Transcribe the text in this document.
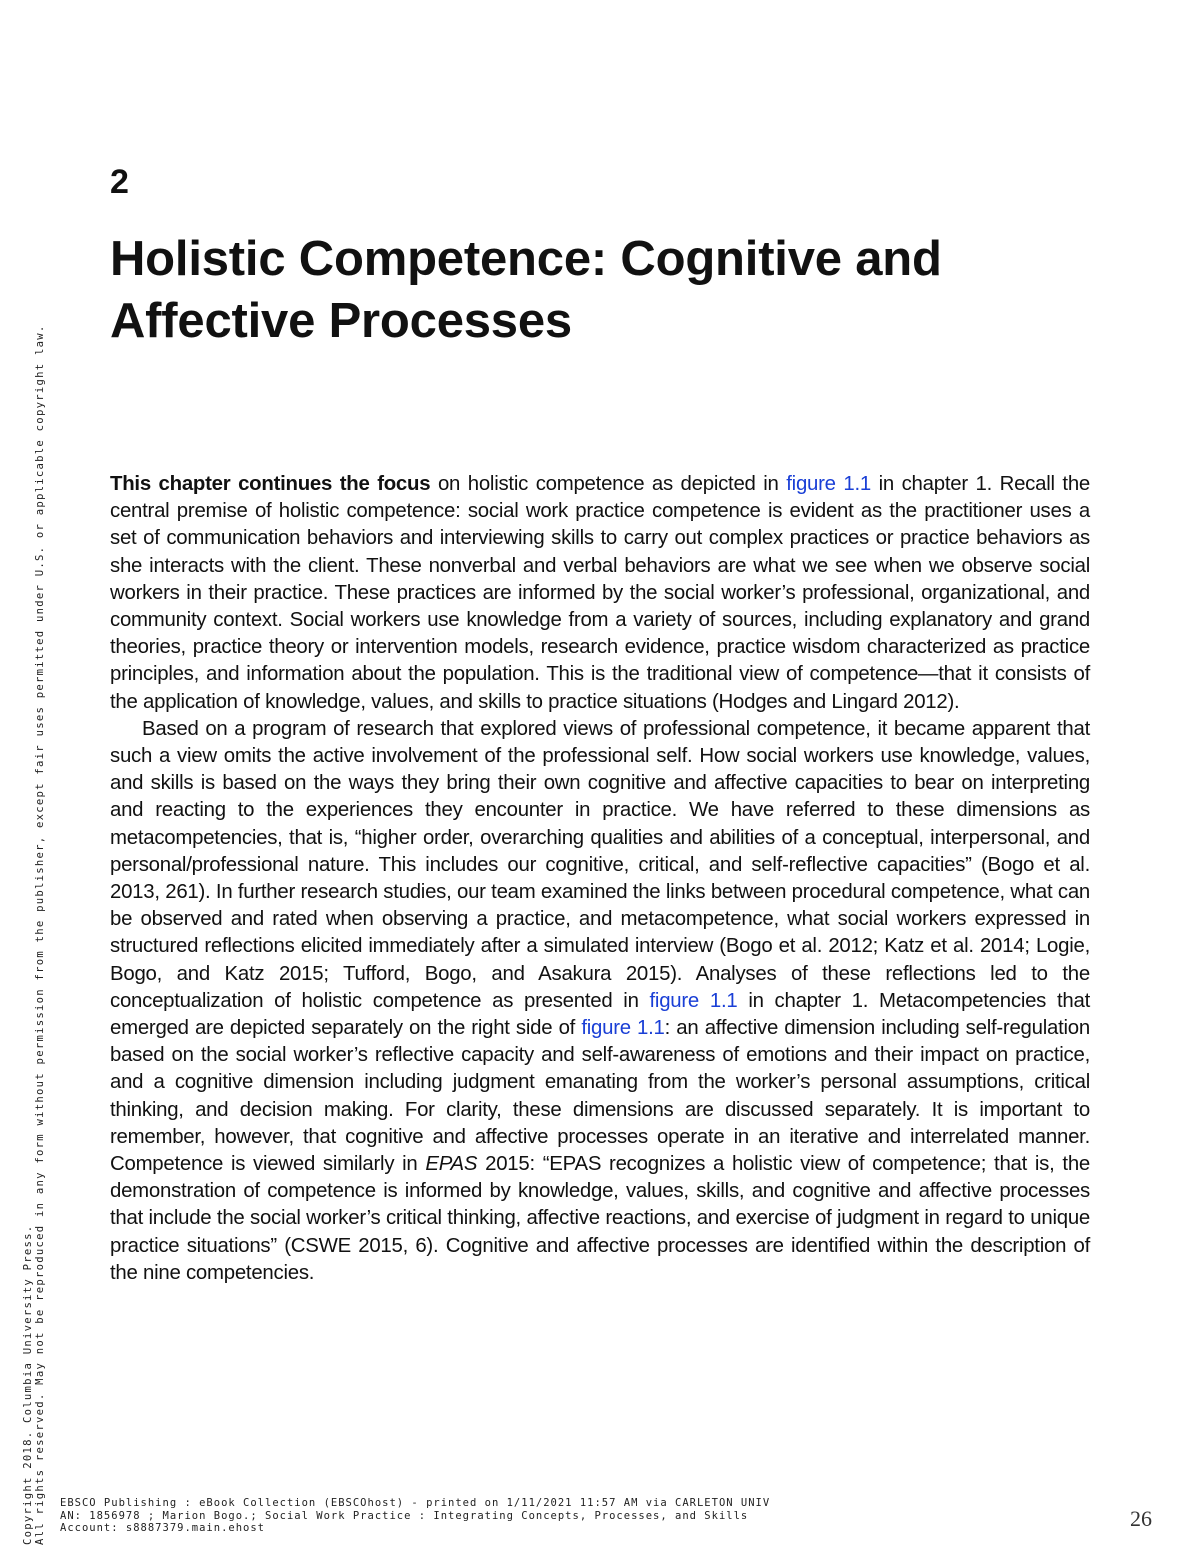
2
Holistic Competence: Cognitive and Affective Processes

This chapter continues the focus on holistic competence as depicted in figure 1.1 in chapter 1. Recall the central premise of holistic competence: social work practice competence is evident as the practitioner uses a set of communication behaviors and interviewing skills to carry out complex practices or practice behaviors as she interacts with the client. These nonverbal and verbal behaviors are what we see when we observe social workers in their practice. These practices are informed by the social worker’s professional, organizational, and community context. Social workers use knowledge from a variety of sources, including explanatory and grand theories, practice theory or intervention models, research evidence, practice wisdom characterized as practice principles, and information about the population. This is the traditional view of competence—that it consists of the application of knowledge, values, and skills to practice situations (Hodges and Lingard 2012).

Based on a program of research that explored views of professional competence, it became apparent that such a view omits the active involvement of the professional self. How social workers use knowledge, values, and skills is based on the ways they bring their own cognitive and affective capacities to bear on interpreting and reacting to the experiences they encounter in practice. We have referred to these dimensions as metacompetencies, that is, “higher order, overarching qualities and abilities of a conceptual, interpersonal, and personal/professional nature. This includes our cognitive, critical, and self-reflective capacities” (Bogo et al. 2013, 261). In further research studies, our team examined the links between procedural competence, what can be observed and rated when observing a practice, and metacompetence, what social workers expressed in structured reflections elicited immediately after a simulated interview (Bogo et al. 2012; Katz et al. 2014; Logie, Bogo, and Katz 2015; Tufford, Bogo, and Asakura 2015). Analyses of these reflections led to the conceptualization of holistic competence as presented in figure 1.1 in chapter 1. Metacompetencies that emerged are depicted separately on the right side of figure 1.1: an affective dimension including self-regulation based on the social worker’s reflective capacity and self-awareness of emotions and their impact on practice, and a cognitive dimension including judgment emanating from the worker’s personal assumptions, critical thinking, and decision making. For clarity, these dimensions are discussed separately. It is important to remember, however, that cognitive and affective processes operate in an iterative and interrelated manner. Competence is viewed similarly in EPAS 2015: “EPAS recognizes a holistic view of competence; that is, the demonstration of competence is informed by knowledge, values, skills, and cognitive and affective processes that include the social worker’s critical thinking, affective reactions, and exercise of judgment in regard to unique practice situations” (CSWE 2015, 6). Cognitive and affective processes are identified within the description of the nine competencies.

Copyright 2018. Columbia University Press. All rights reserved. May not be reproduced in any form without permission from the publisher, except fair uses permitted under U.S. or applicable copyright law. EBSCO Publishing : eBook Collection (EBSCOhost) - printed on 1/11/2021 11:57 AM via CARLETON UNIV
AN: 1856978 ; Marion Bogo.; Social Work Practice : Integrating Concepts, Processes, and Skills
Account: s8887379.main.ehost	26
